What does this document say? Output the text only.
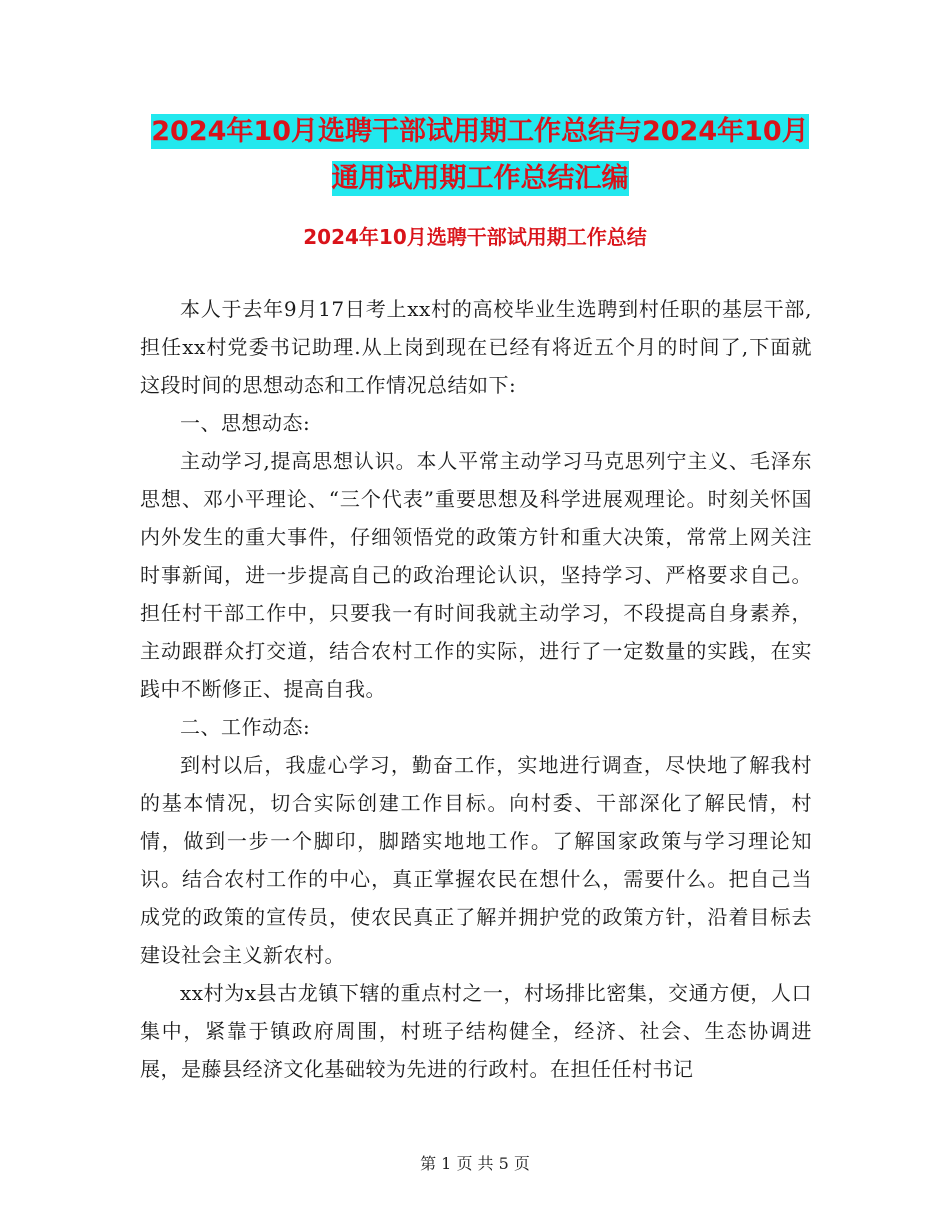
2024年10月选聘干部试用期工作总结与2024年10月
通用试用期工作总结汇编
2024年10月选聘干部试用期工作总结

本人于去年9月17日考上xx村的高校毕业生选聘到村任职的基层干部,担任xx村党委书记助理.从上岗到现在已经有将近五个月的时间了,下面就这段时间的思想动态和工作情况总结如下:

一、思想动态:

主动学习,提高思想认识。本人平常主动学习马克思列宁主义、毛泽东思想、邓小平理论、“三个代表”重要思想及科学进展观理论。时刻关怀国内外发生的重大事件，仔细领悟党的政策方针和重大决策，常常上网关注时事新闻，进一步提高自己的政治理论认识，坚持学习、严格要求自己。担任村干部工作中，只要我一有时间我就主动学习，不段提高自身素养，主动跟群众打交道，结合农村工作的实际，进行了一定数量的实践，在实践中不断修正、提高自我。

二、工作动态:

到村以后，我虚心学习，勤奋工作，实地进行调查，尽快地了解我村的基本情况，切合实际创建工作目标。向村委、干部深化了解民情，村情，做到一步一个脚印，脚踏实地地工作。了解国家政策与学习理论知识。结合农村工作的中心，真正掌握农民在想什么，需要什么。把自己当成党的政策的宣传员，使农民真正了解并拥护党的政策方针，沿着目标去建设社会主义新农村。

xx村为x县古龙镇下辖的重点村之一，村场排比密集，交通方便，人口集中，紧靠于镇政府周围，村班子结构健全，经济、社会、生态协调进展，是藤县经济文化基础较为先进的行政村。在担任任村书记

第 1 页 共 5 页
